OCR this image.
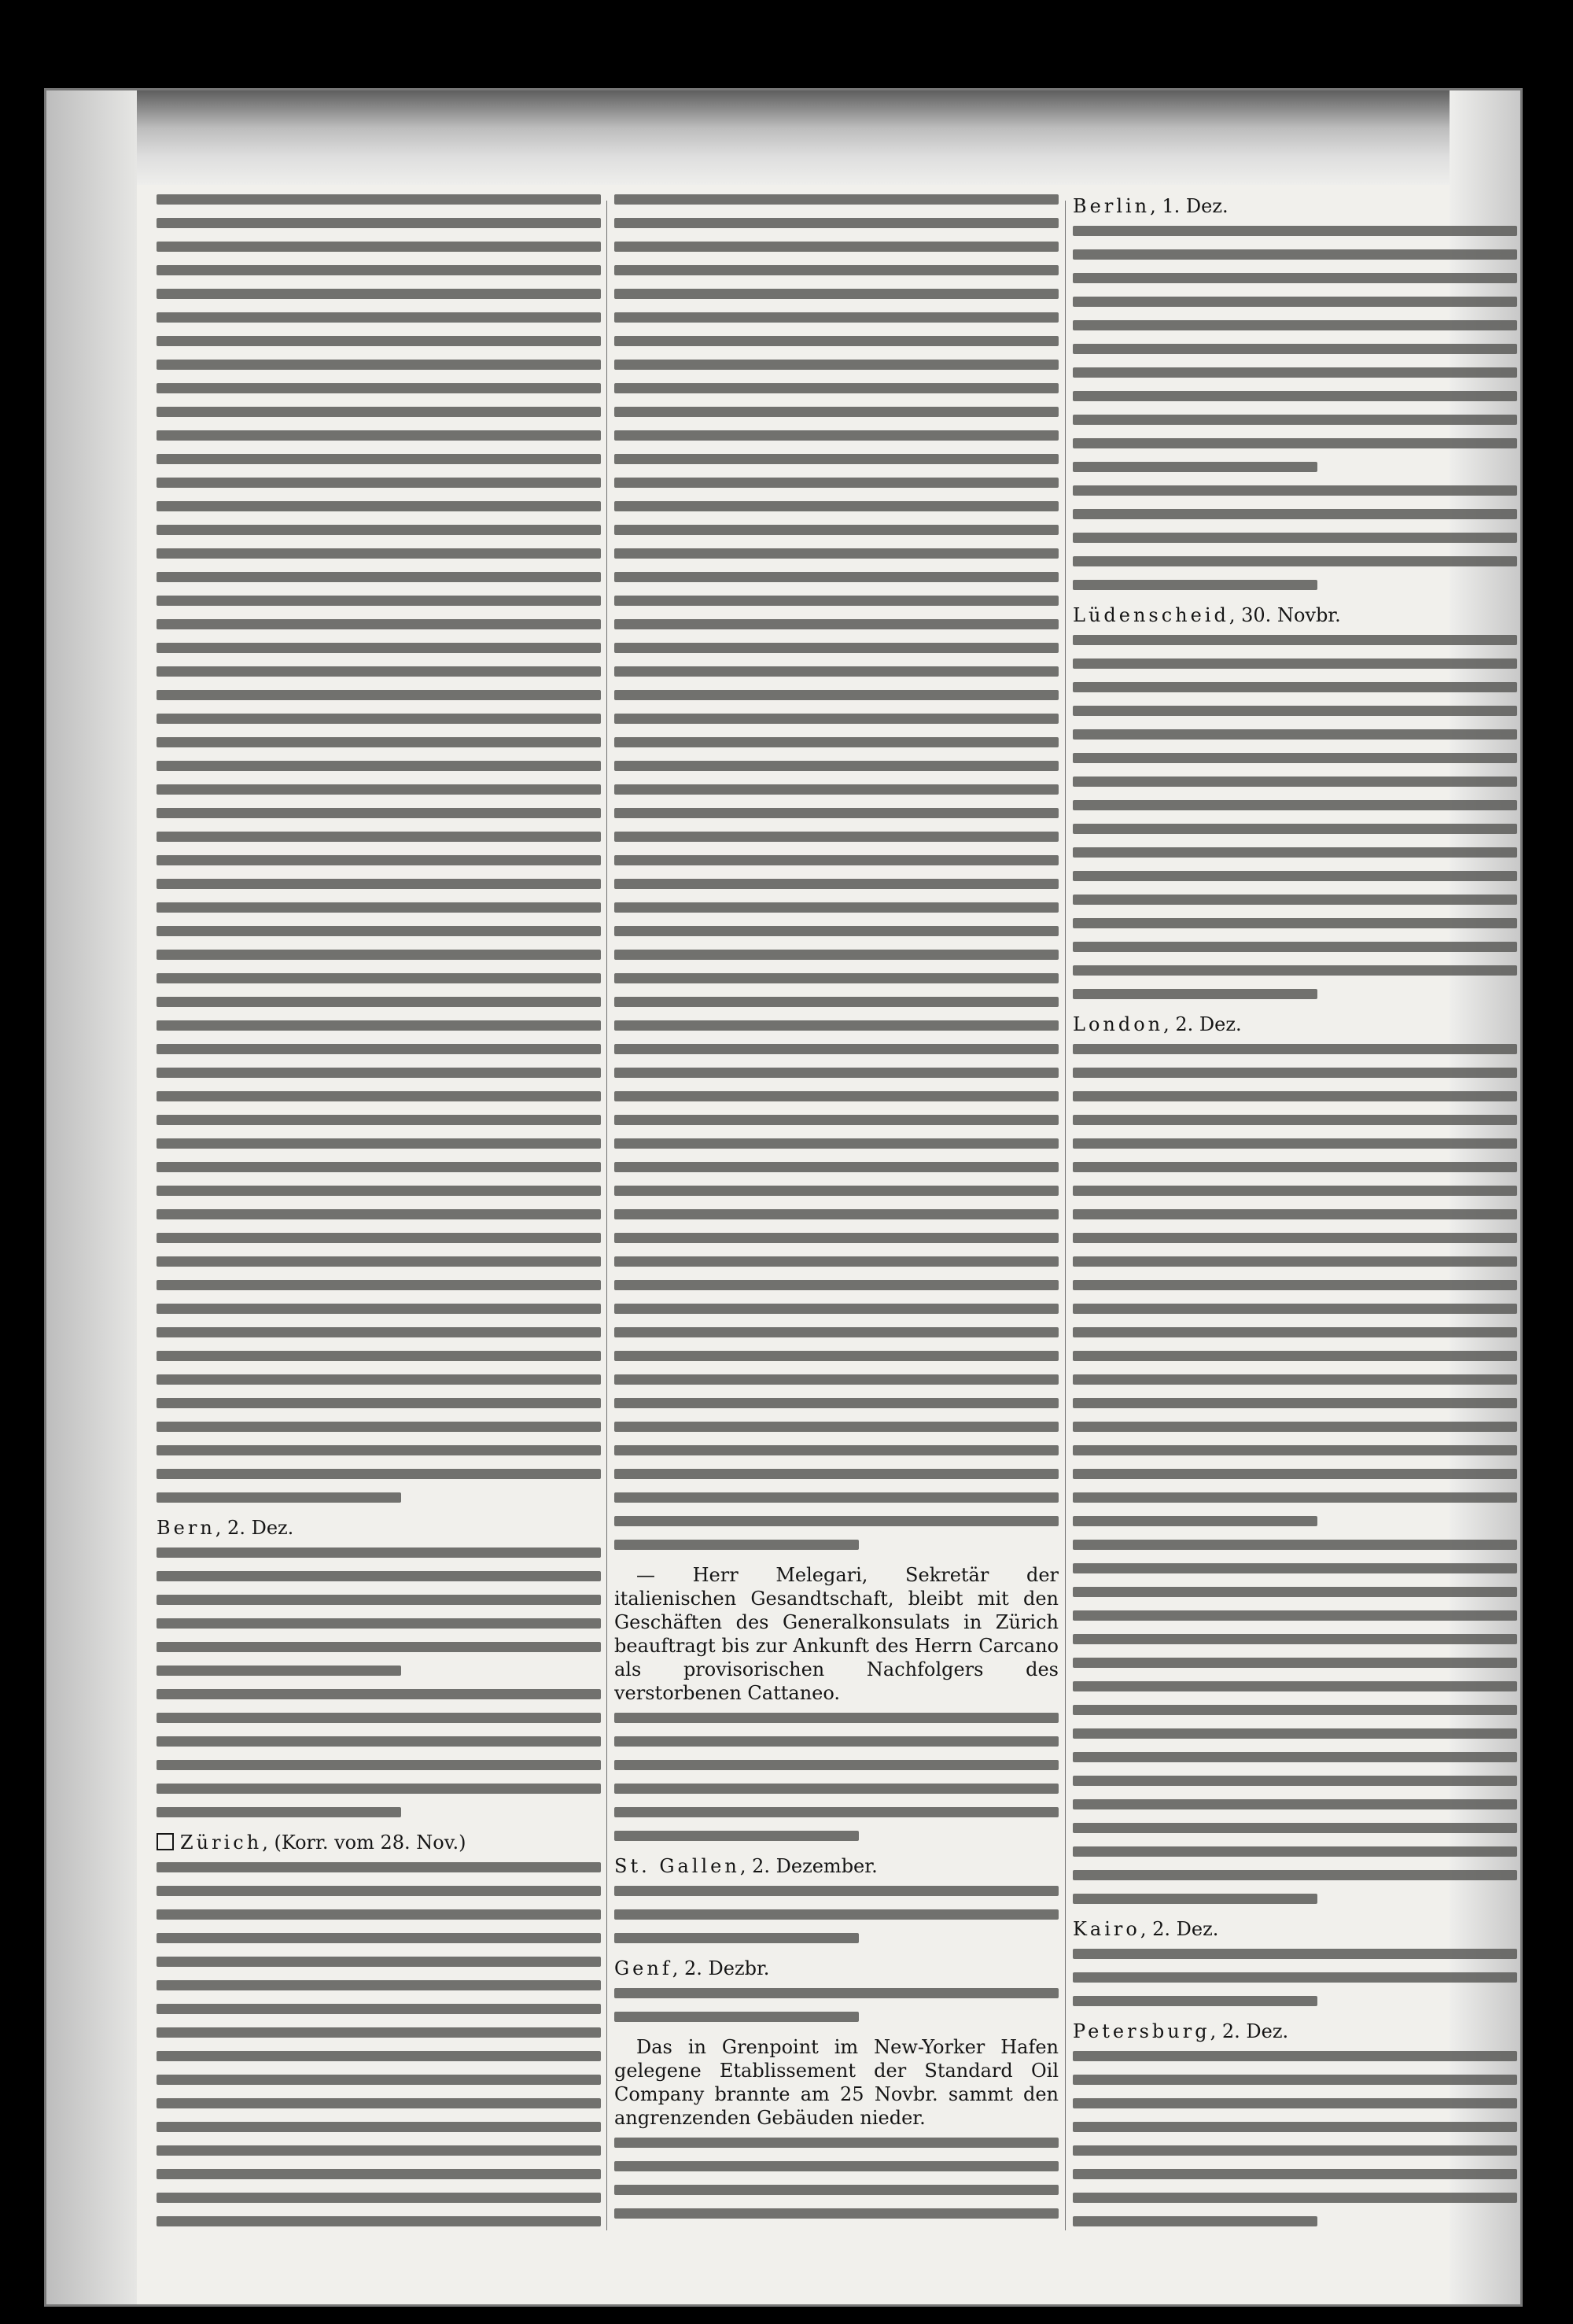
Bern, 2. Dez.

Zürich, (Korr. vom 28. Nov.)

— Herr Melegari, Sekretär der italienischen Gesandtschaft, bleibt mit den Geschäften des Generalkonsulats in Zürich beauftragt bis zur Ankunft des Herrn Carcano als provisorischen Nachfolgers des verstorbenen Cattaneo.

St. Gallen, 2. Dezember.

Genf, 2. Dezbr.

Das in Grenpoint im New-Yorker Hafen gelegene Etablissement der Standard Oil Company brannte am 25 Novbr. sammt den angrenzenden Gebäuden nieder.

Berlin, 1. Dez.

Lüdenscheid, 30. Novbr.

London, 2. Dez.

Kairo, 2. Dez.

Petersburg, 2. Dez.
